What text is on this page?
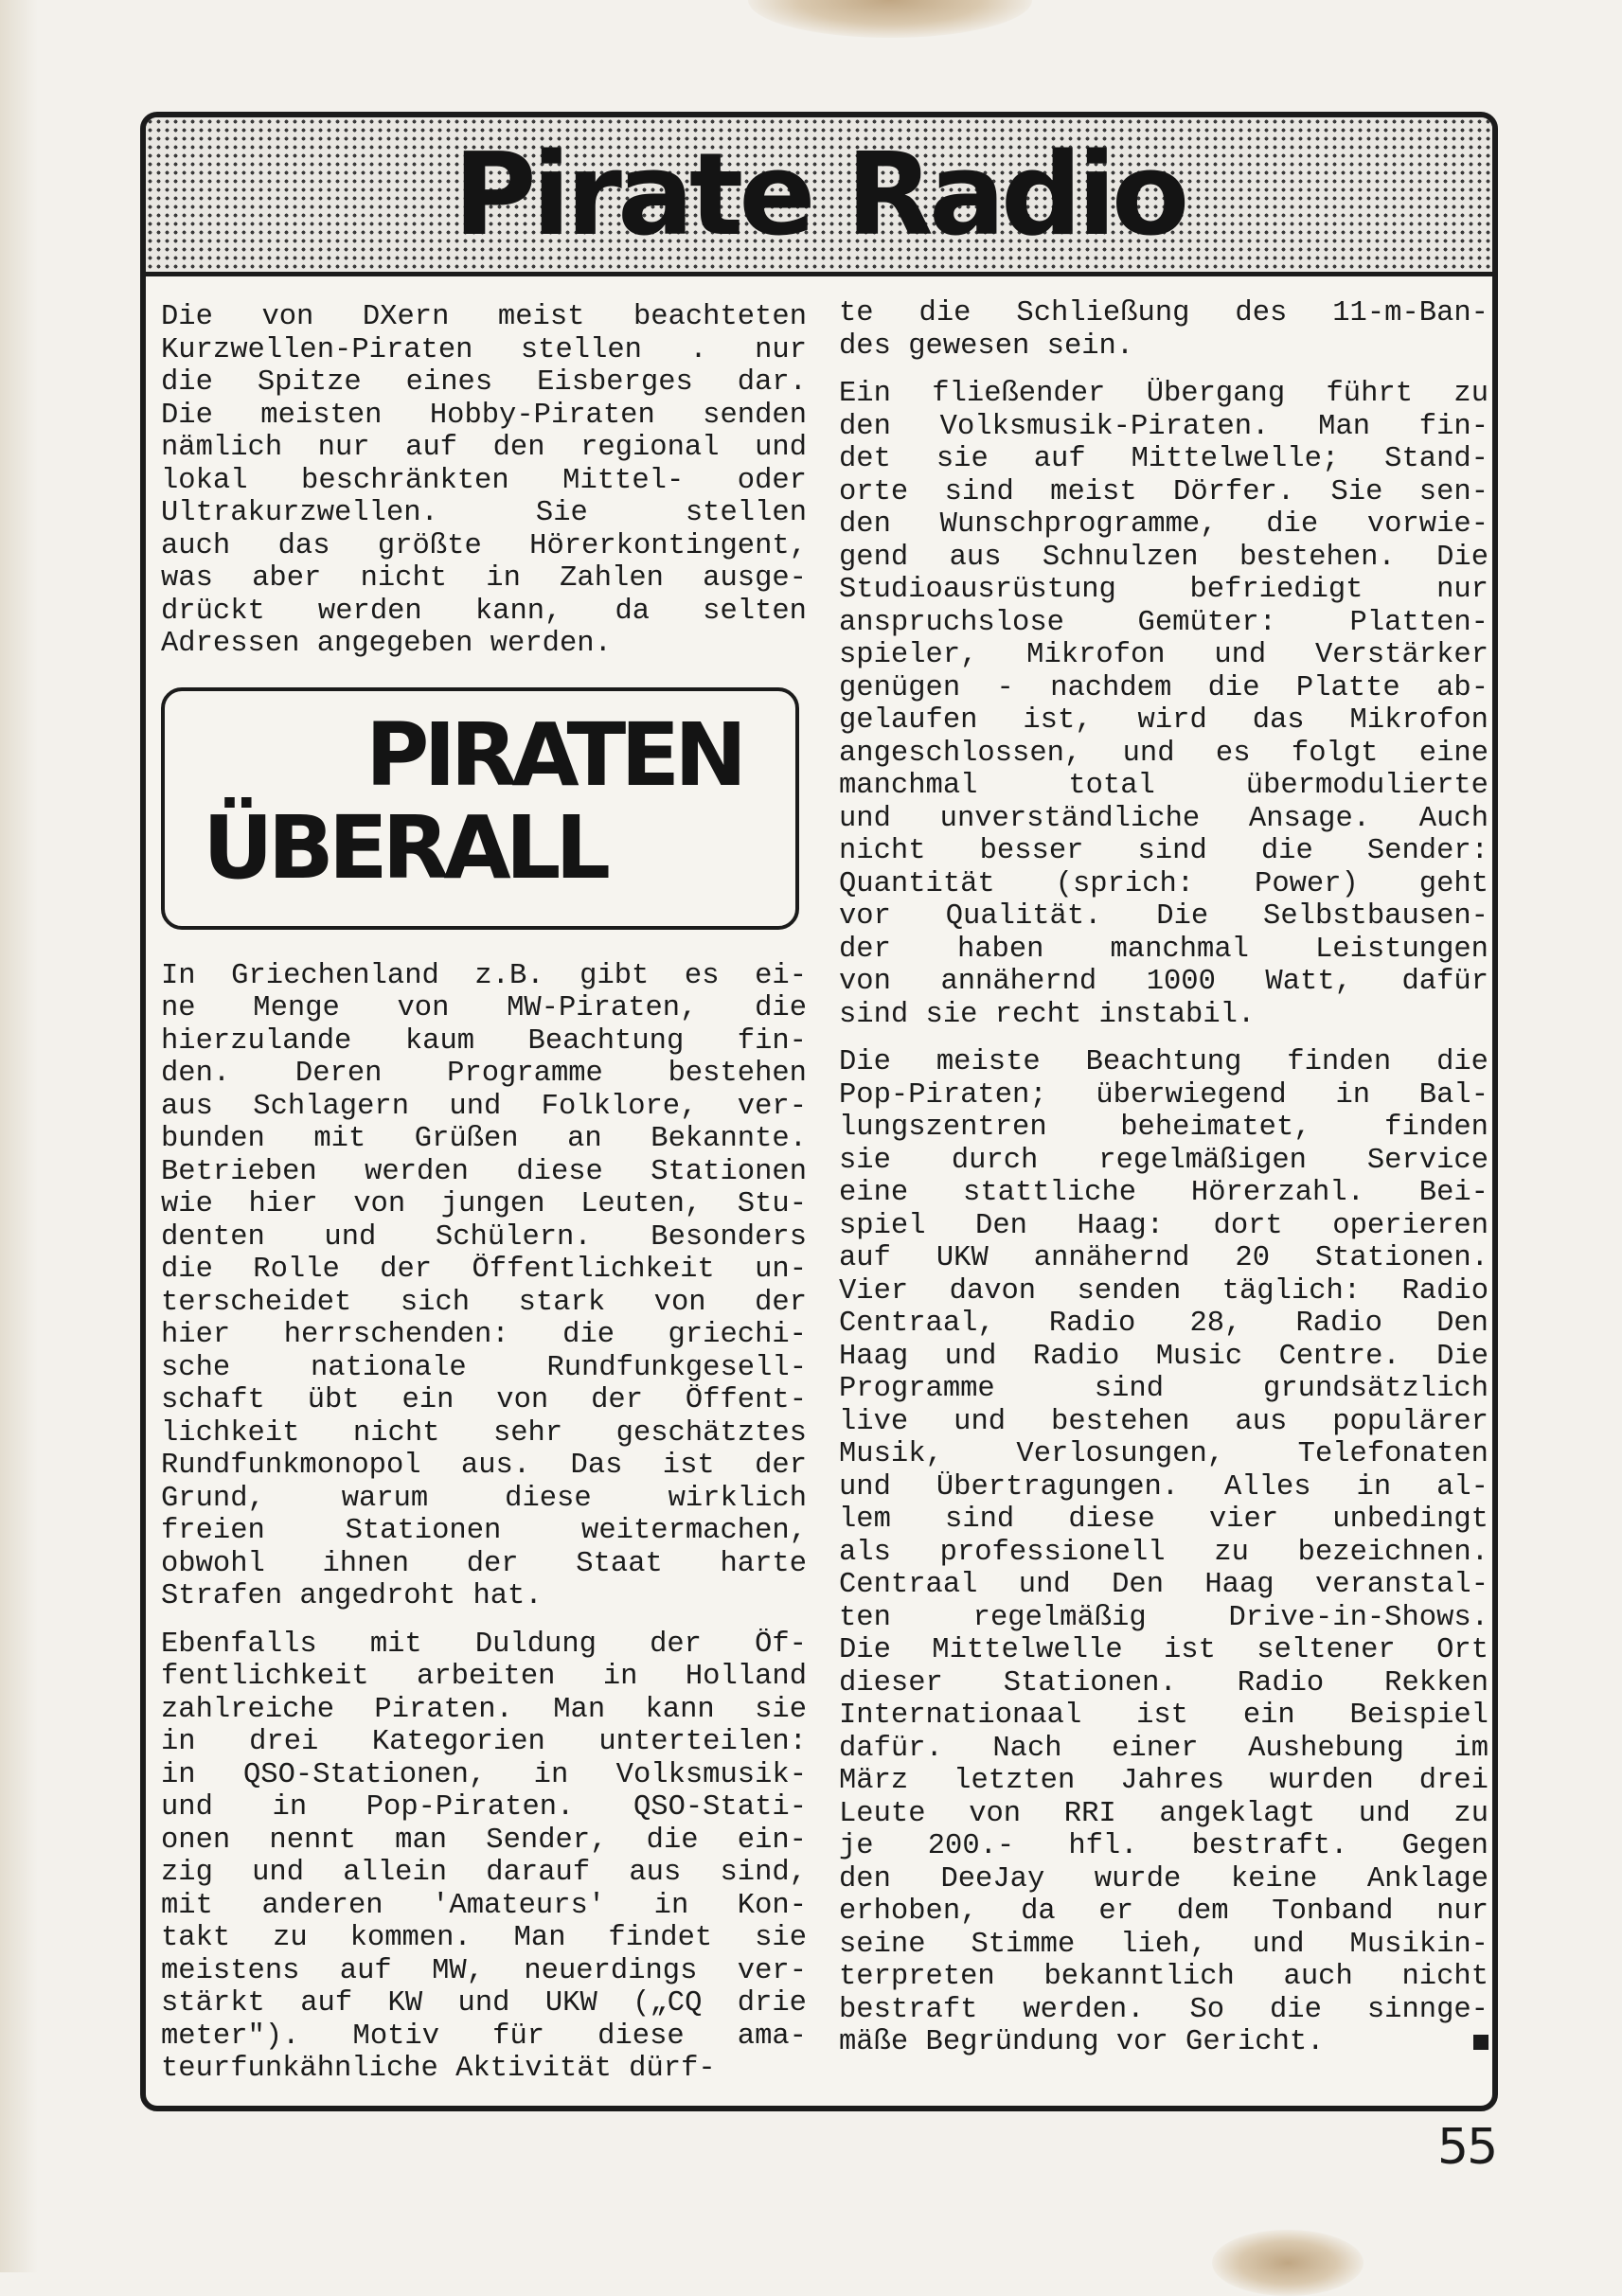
Pirate Radio
Die von DXern meist beachteten
Kurzwellen-Piraten stellen . nur
die Spitze eines Eisberges dar.
Die meisten Hobby-Piraten senden
nämlich nur auf den regional und
lokal beschränkten Mittel- oder
Ultrakurzwellen. Sie stellen
auch das größte Hörerkontingent,
was aber nicht in Zahlen ausge-
drückt werden kann, da selten
Adressen angegeben werden.
PIRATEN
ÜBERALL
In Griechenland z.B. gibt es ei-
ne Menge von MW-Piraten, die
hierzulande kaum Beachtung fin-
den. Deren Programme bestehen
aus Schlagern und Folklore, ver-
bunden mit Grüßen an Bekannte.
Betrieben werden diese Stationen
wie hier von jungen Leuten, Stu-
denten und Schülern. Besonders
die Rolle der Öffentlichkeit un-
terscheidet sich stark von der
hier herrschenden: die griechi-
sche nationale Rundfunkgesell-
schaft übt ein von der Öffent-
lichkeit nicht sehr geschätztes
Rundfunkmonopol aus. Das ist der
Grund, warum diese wirklich
freien Stationen weitermachen,
obwohl ihnen der Staat harte
Strafen angedroht hat.
Ebenfalls mit Duldung der Öf-
fentlichkeit arbeiten in Holland
zahlreiche Piraten. Man kann sie
in drei Kategorien unterteilen:
in QSO-Stationen, in Volksmusik-
und in Pop-Piraten. QSO-Stati-
onen nennt man Sender, die ein-
zig und allein darauf aus sind,
mit anderen 'Amateurs' in Kon-
takt zu kommen. Man findet sie
meistens auf MW, neuerdings ver-
stärkt auf KW und UKW („CQ drie
meter"). Motiv für diese ama-
teurfunkähnliche Aktivität dürf-
te die Schließung des 11-m-Ban-
des gewesen sein.
Ein fließender Übergang führt zu
den Volksmusik-Piraten. Man fin-
det sie auf Mittelwelle; Stand-
orte sind meist Dörfer. Sie sen-
den Wunschprogramme, die vorwie-
gend aus Schnulzen bestehen. Die
Studioausrüstung befriedigt nur
anspruchslose Gemüter: Platten-
spieler, Mikrofon und Verstärker
genügen - nachdem die Platte ab-
gelaufen ist, wird das Mikrofon
angeschlossen, und es folgt eine
manchmal total übermodulierte
und unverständliche Ansage. Auch
nicht besser sind die Sender:
Quantität (sprich: Power) geht
vor Qualität. Die Selbstbausen-
der haben manchmal Leistungen
von annähernd 1000 Watt, dafür
sind sie recht instabil.
Die meiste Beachtung finden die
Pop-Piraten; überwiegend in Bal-
lungszentren beheimatet, finden
sie durch regelmäßigen Service
eine stattliche Hörerzahl. Bei-
spiel Den Haag: dort operieren
auf UKW annähernd 20 Stationen.
Vier davon senden täglich: Radio
Centraal, Radio 28, Radio Den
Haag und Radio Music Centre. Die
Programme sind grundsätzlich
live und bestehen aus populärer
Musik, Verlosungen, Telefonaten
und Übertragungen. Alles in al-
lem sind diese vier unbedingt
als professionell zu bezeichnen.
Centraal und Den Haag veranstal-
ten regelmäßig Drive-in-Shows.
Die Mittelwelle ist seltener Ort
dieser Stationen. Radio Rekken
Internationaal ist ein Beispiel
dafür. Nach einer Aushebung im
März letzten Jahres wurden drei
Leute von RRI angeklagt und zu
je 200.- hfl. bestraft. Gegen
den DeeJay wurde keine Anklage
erhoben, da er dem Tonband nur
seine Stimme lieh, und Musikin-
terpreten bekanntlich auch nicht
bestraft werden. So die sinnge-
mäße Begründung vor Gericht.
55
